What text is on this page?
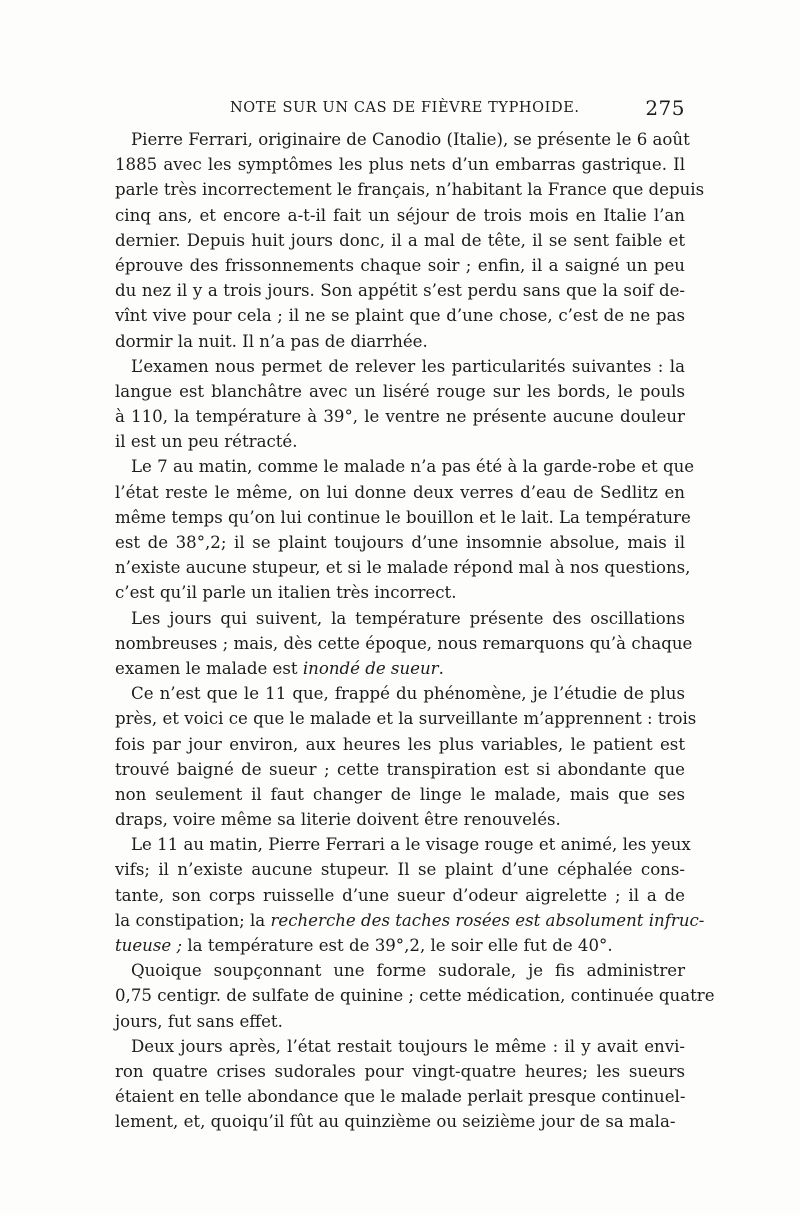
NOTE SUR UN CAS DE FIÈVRE TYPHOIDE.	275
Pierre Ferrari, originaire de Canodio (Italie), se présente le 6 août
1885 avec les symptômes les plus nets d’un embarras gastrique. Il
parle très incorrectement le français, n’habitant la France que depuis
cinq ans, et encore a-t-il fait un séjour de trois mois en Italie l’an
dernier. Depuis huit jours donc, il a mal de tête, il se sent faible et
éprouve des frissonnements chaque soir ; enfin, il a saigné un peu
du nez il y a trois jours. Son appétit s’est perdu sans que la soif de-
vînt vive pour cela ; il ne se plaint que d’une chose, c’est de ne pas
dormir la nuit. Il n’a pas de diarrhée.
L’examen nous permet de relever les particularités suivantes : la
langue est blanchâtre avec un liséré rouge sur les bords, le pouls
à 110, la température à 39°, le ventre ne présente aucune douleur
il est un peu rétracté.
Le 7 au matin, comme le malade n’a pas été à la garde-robe et que
l’état reste le même, on lui donne deux verres d’eau de Sedlitz en
même temps qu’on lui continue le bouillon et le lait. La température
est de 38°,2; il se plaint toujours d’une insomnie absolue, mais il
n’existe aucune stupeur, et si le malade répond mal à nos questions,
c’est qu’il parle un italien très incorrect.
Les jours qui suivent, la température présente des oscillations
nombreuses ; mais, dès cette époque, nous remarquons qu’à chaque
examen le malade est inondé de sueur.
Ce n’est que le 11 que, frappé du phénomène, je l’étudie de plus
près, et voici ce que le malade et la surveillante m’apprennent : trois
fois par jour environ, aux heures les plus variables, le patient est
trouvé baigné de sueur ; cette transpiration est si abondante que
non seulement il faut changer de linge le malade, mais que ses
draps, voire même sa literie doivent être renouvelés.
Le 11 au matin, Pierre Ferrari a le visage rouge et animé, les yeux
vifs; il n’existe aucune stupeur. Il se plaint d’une céphalée cons-
tante, son corps ruisselle d’une sueur d’odeur aigrelette ; il a de
la constipation; la recherche des taches rosées est absolument infruc-
tueuse ; la température est de 39°,2, le soir elle fut de 40°.
Quoique soupçonnant une forme sudorale, je fis administrer
0,75 centigr. de sulfate de quinine ; cette médication, continuée quatre
jours, fut sans effet.
Deux jours après, l’état restait toujours le même : il y avait envi-
ron quatre crises sudorales pour vingt-quatre heures; les sueurs
étaient en telle abondance que le malade perlait presque continuel-
lement, et, quoiqu’il fût au quinzième ou seizième jour de sa mala-
